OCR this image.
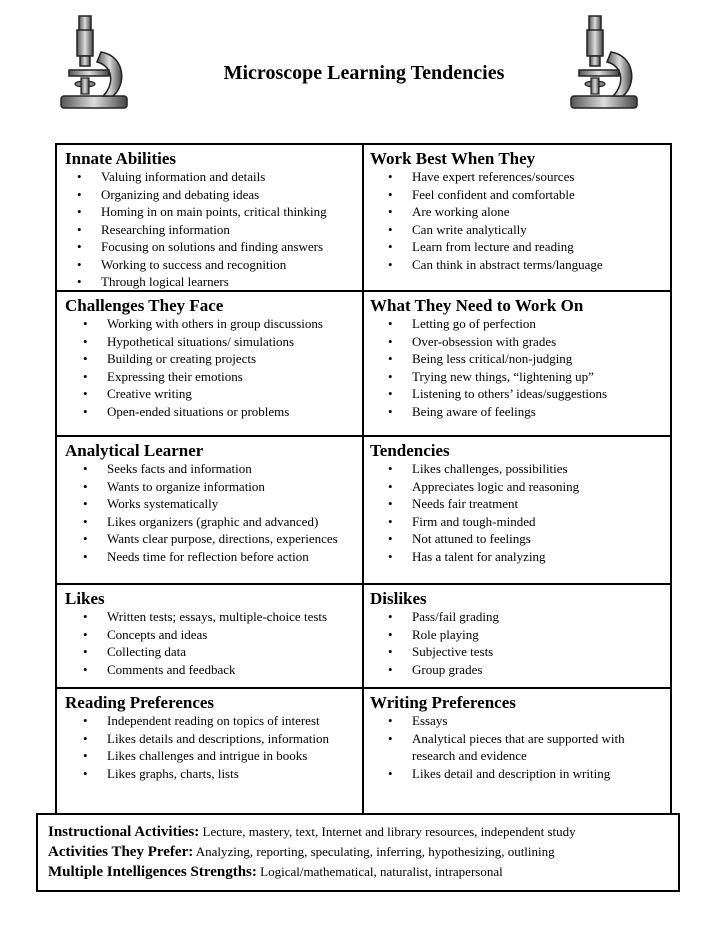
Microscope Learning Tendencies
Innate Abilities
• Valuing information and details
• Organizing and debating ideas
• Homing in on main points, critical thinking
• Researching information
• Focusing on solutions and finding answers
• Working to success and recognition
• Through logical learners
Work Best When They
• Have expert references/sources
• Feel confident and comfortable
• Are working alone
• Can write analytically
• Learn from lecture and reading
• Can think in abstract terms/language
Challenges They Face
• Working with others in group discussions
• Hypothetical situations/ simulations
• Building or creating projects
• Expressing their emotions
• Creative writing
• Open-ended situations or problems
What They Need to Work On
• Letting go of perfection
• Over-obsession with grades
• Being less critical/non-judging
• Trying new things, “lightening up”
• Listening to others’ ideas/suggestions
• Being aware of feelings
Analytical Learner
• Seeks facts and information
• Wants to organize information
• Works systematically
• Likes organizers (graphic and advanced)
• Wants clear purpose, directions, experiences
• Needs time for reflection before action
Tendencies
• Likes challenges, possibilities
• Appreciates logic and reasoning
• Needs fair treatment
• Firm and tough-minded
• Not attuned to feelings
• Has a talent for analyzing
Likes
• Written tests; essays, multiple-choice tests
• Concepts and ideas
• Collecting data
• Comments and feedback
Dislikes
• Pass/fail grading
• Role playing
• Subjective tests
• Group grades
Reading Preferences
• Independent reading on topics of interest
• Likes details and descriptions, information
• Likes challenges and intrigue in books
• Likes graphs, charts, lists
Writing Preferences
• Essays
• Analytical pieces that are supported with research and evidence
• Likes detail and description in writing
Instructional Activities: Lecture, mastery, text, Internet and library resources, independent study
Activities They Prefer: Analyzing, reporting, speculating, inferring, hypothesizing, outlining
Multiple Intelligences Strengths: Logical/mathematical, naturalist, intrapersonal
